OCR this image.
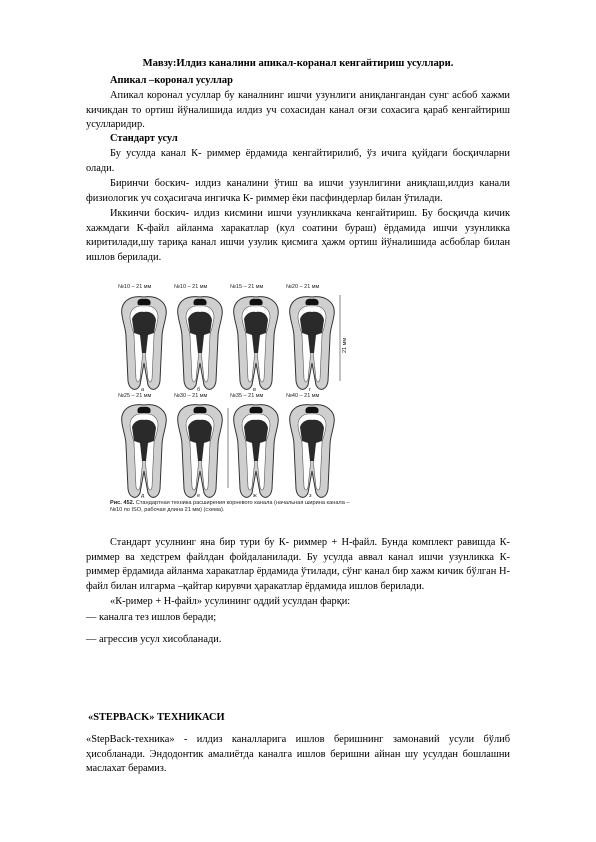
Мавзу:Илдиз каналини апикал-коранал кенгайтириш усуллари.
Апикал –коронал усуллар

Апикал коронал усуллар бу каналнинг ишчи узунлиги аниқлангандан сунг асбоб хажми кичикдан то ортиш йўналишида илдиз уч сохасидан канал оғзи сохасига қараб кенгайтириш усулларидир.

Стандарт усул

Бу усулда канал К- риммер ёрдамида кенгайтирилиб, ўз ичига қуйдаги босқичларни олади.

Биринчи боскич- илдиз каналини ўтиш ва ишчи узунлигини аниқлаш,илдиз канали физиологик уч соҳасигача ингичка К- риммер ёки пасфиндерлар билан ўтилади.

Иккинчи боскич- илдиз кисмини ишчи узунликкача кенгайтириш. Бу босқичда кичик хажмдаги К-файл айланма харакатлар (кул соатини бураш) ёрдамида ишчи узунликка киритилади,шу тариқа канал ишчи узулик қисмига ҳажм ортиш йўналишида асбоблар билан ишлов берилади.

№10 – 21 мм	№10 – 21 мм	№15 – 21 мм	№20 – 21 мм
а	б	в	г
№25 – 21 мм	№30 – 21 мм	№35 – 21 мм	№40 – 21 мм
д	е	ж	з
21 мм
Рис. 452. Стандартная техника расширения корневого канала (начальная ширина канала – №10 по ISO, рабочая длина 21 мм) (схема).

Стандарт усулнинг яна бир тури бу К- риммер + Н-файл. Бунда комплект равишда К-риммер ва хедстрем файлдан фойдаланилади. Бу усулда аввал канал ишчи узунликка К-риммер ёрдамида айланма харакатлар ёрдамида ўтилади, сўнг канал бир хажм кичик бўлган Н- файл билан илгарма –қайтар кирувчи ҳаракатлар ёрдамида ишлов берилади.

«К-ример + Н-файл» усулининг оддий усулдан фарқи:
— каналга тез ишлов беради;
— агрессив усул хисобланади.
«STEPBACK» ТЕХНИКАСИ

«StepBack-техника» - илдиз каналларига ишлов беришнинг замонавий усули бўлиб ҳисобланади. Эндодонтик амалиётда каналга ишлов беришни айнан шу усулдан бошлашни маслахат берамиз.
